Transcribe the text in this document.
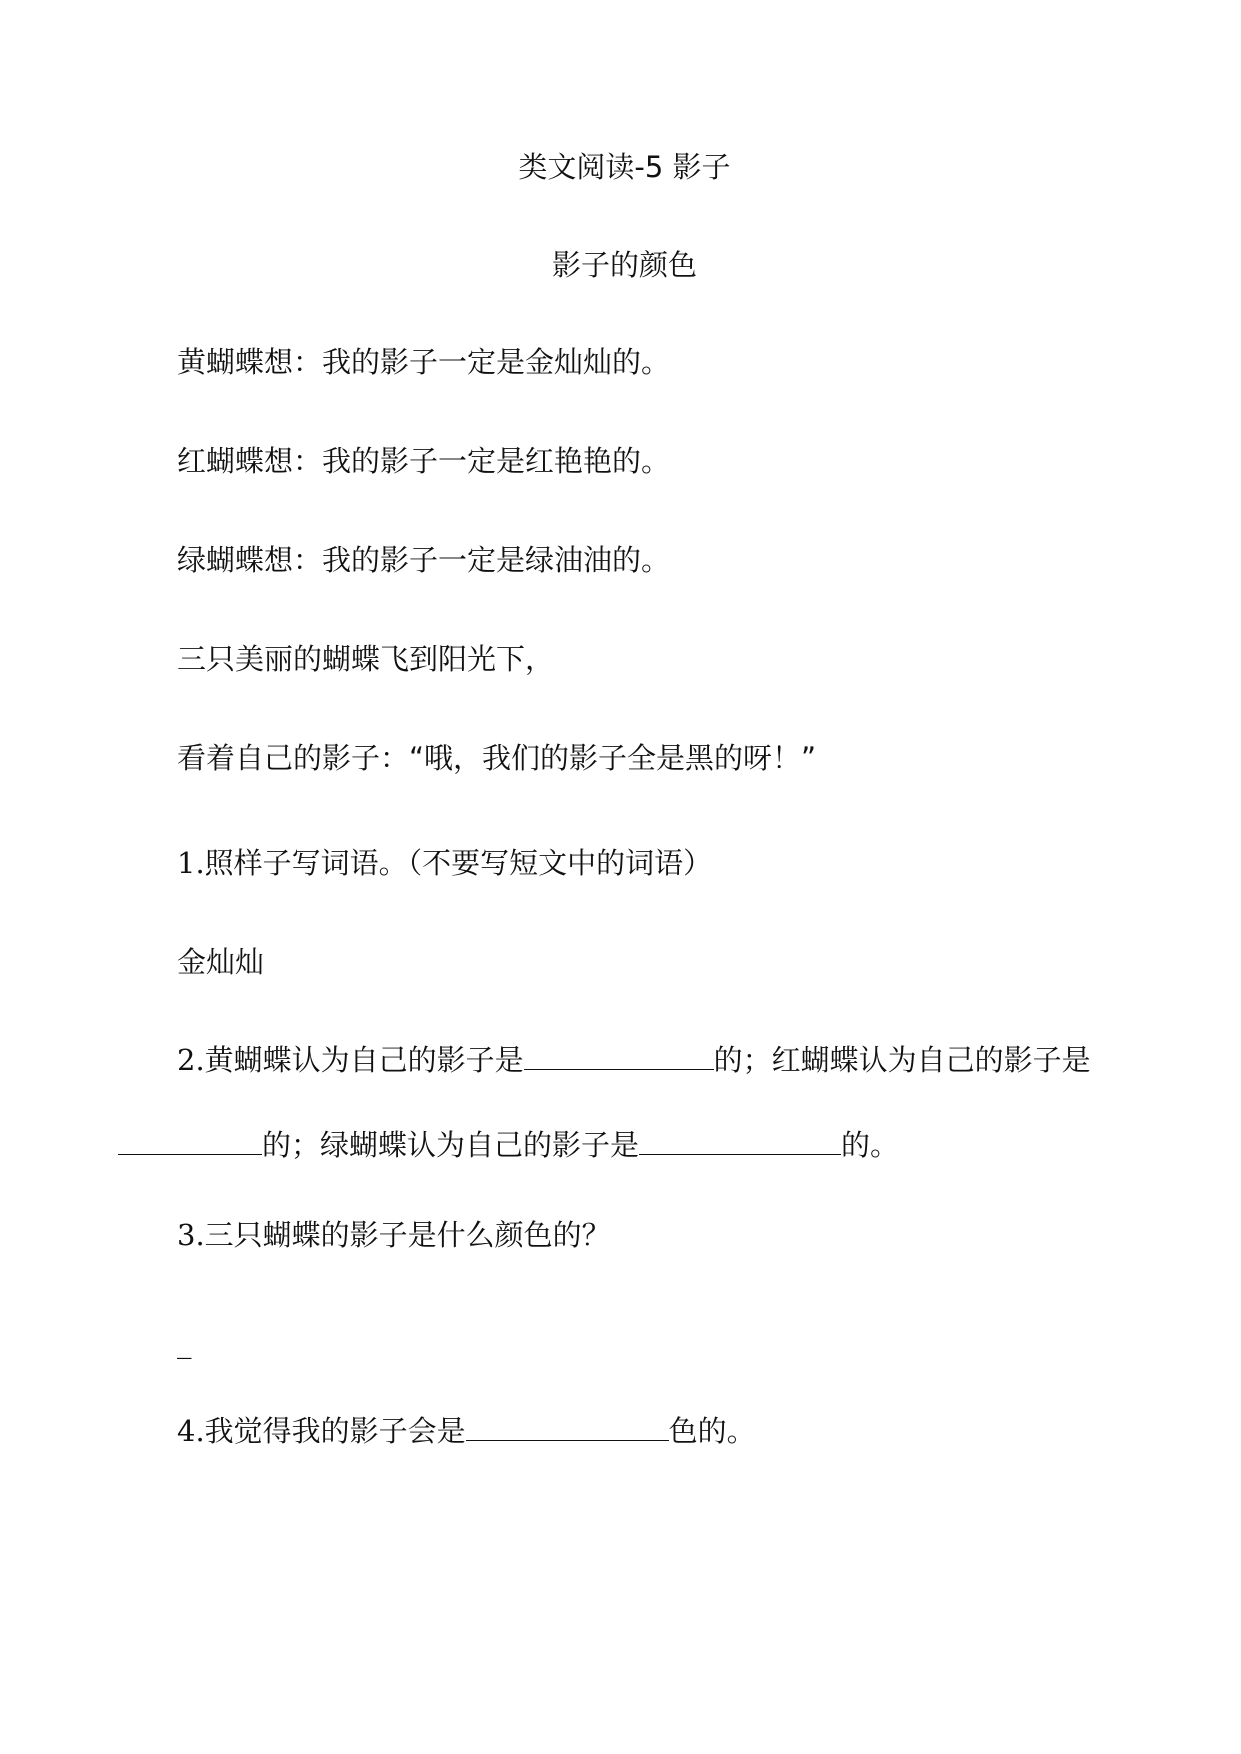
类文阅读-5 影子
影子的颜色
黄蝴蝶想：我的影子一定是金灿灿的。
红蝴蝶想：我的影子一定是红艳艳的。
绿蝴蝶想：我的影子一定是绿油油的。
三只美丽的蝴蝶飞到阳光下，
看着自己的影子：“哦，我们的影子全是黑的呀！”
1.照样子写词语。（不要写短文中的词语）
金灿灿
2.黄蝴蝶认为自己的影子是	的；红蝴蝶认为自己的影子是
的；绿蝴蝶认为自己的影子是	的。
3.三只蝴蝶的影子是什么颜色的？
_
4.我觉得我的影子会是	色的。
